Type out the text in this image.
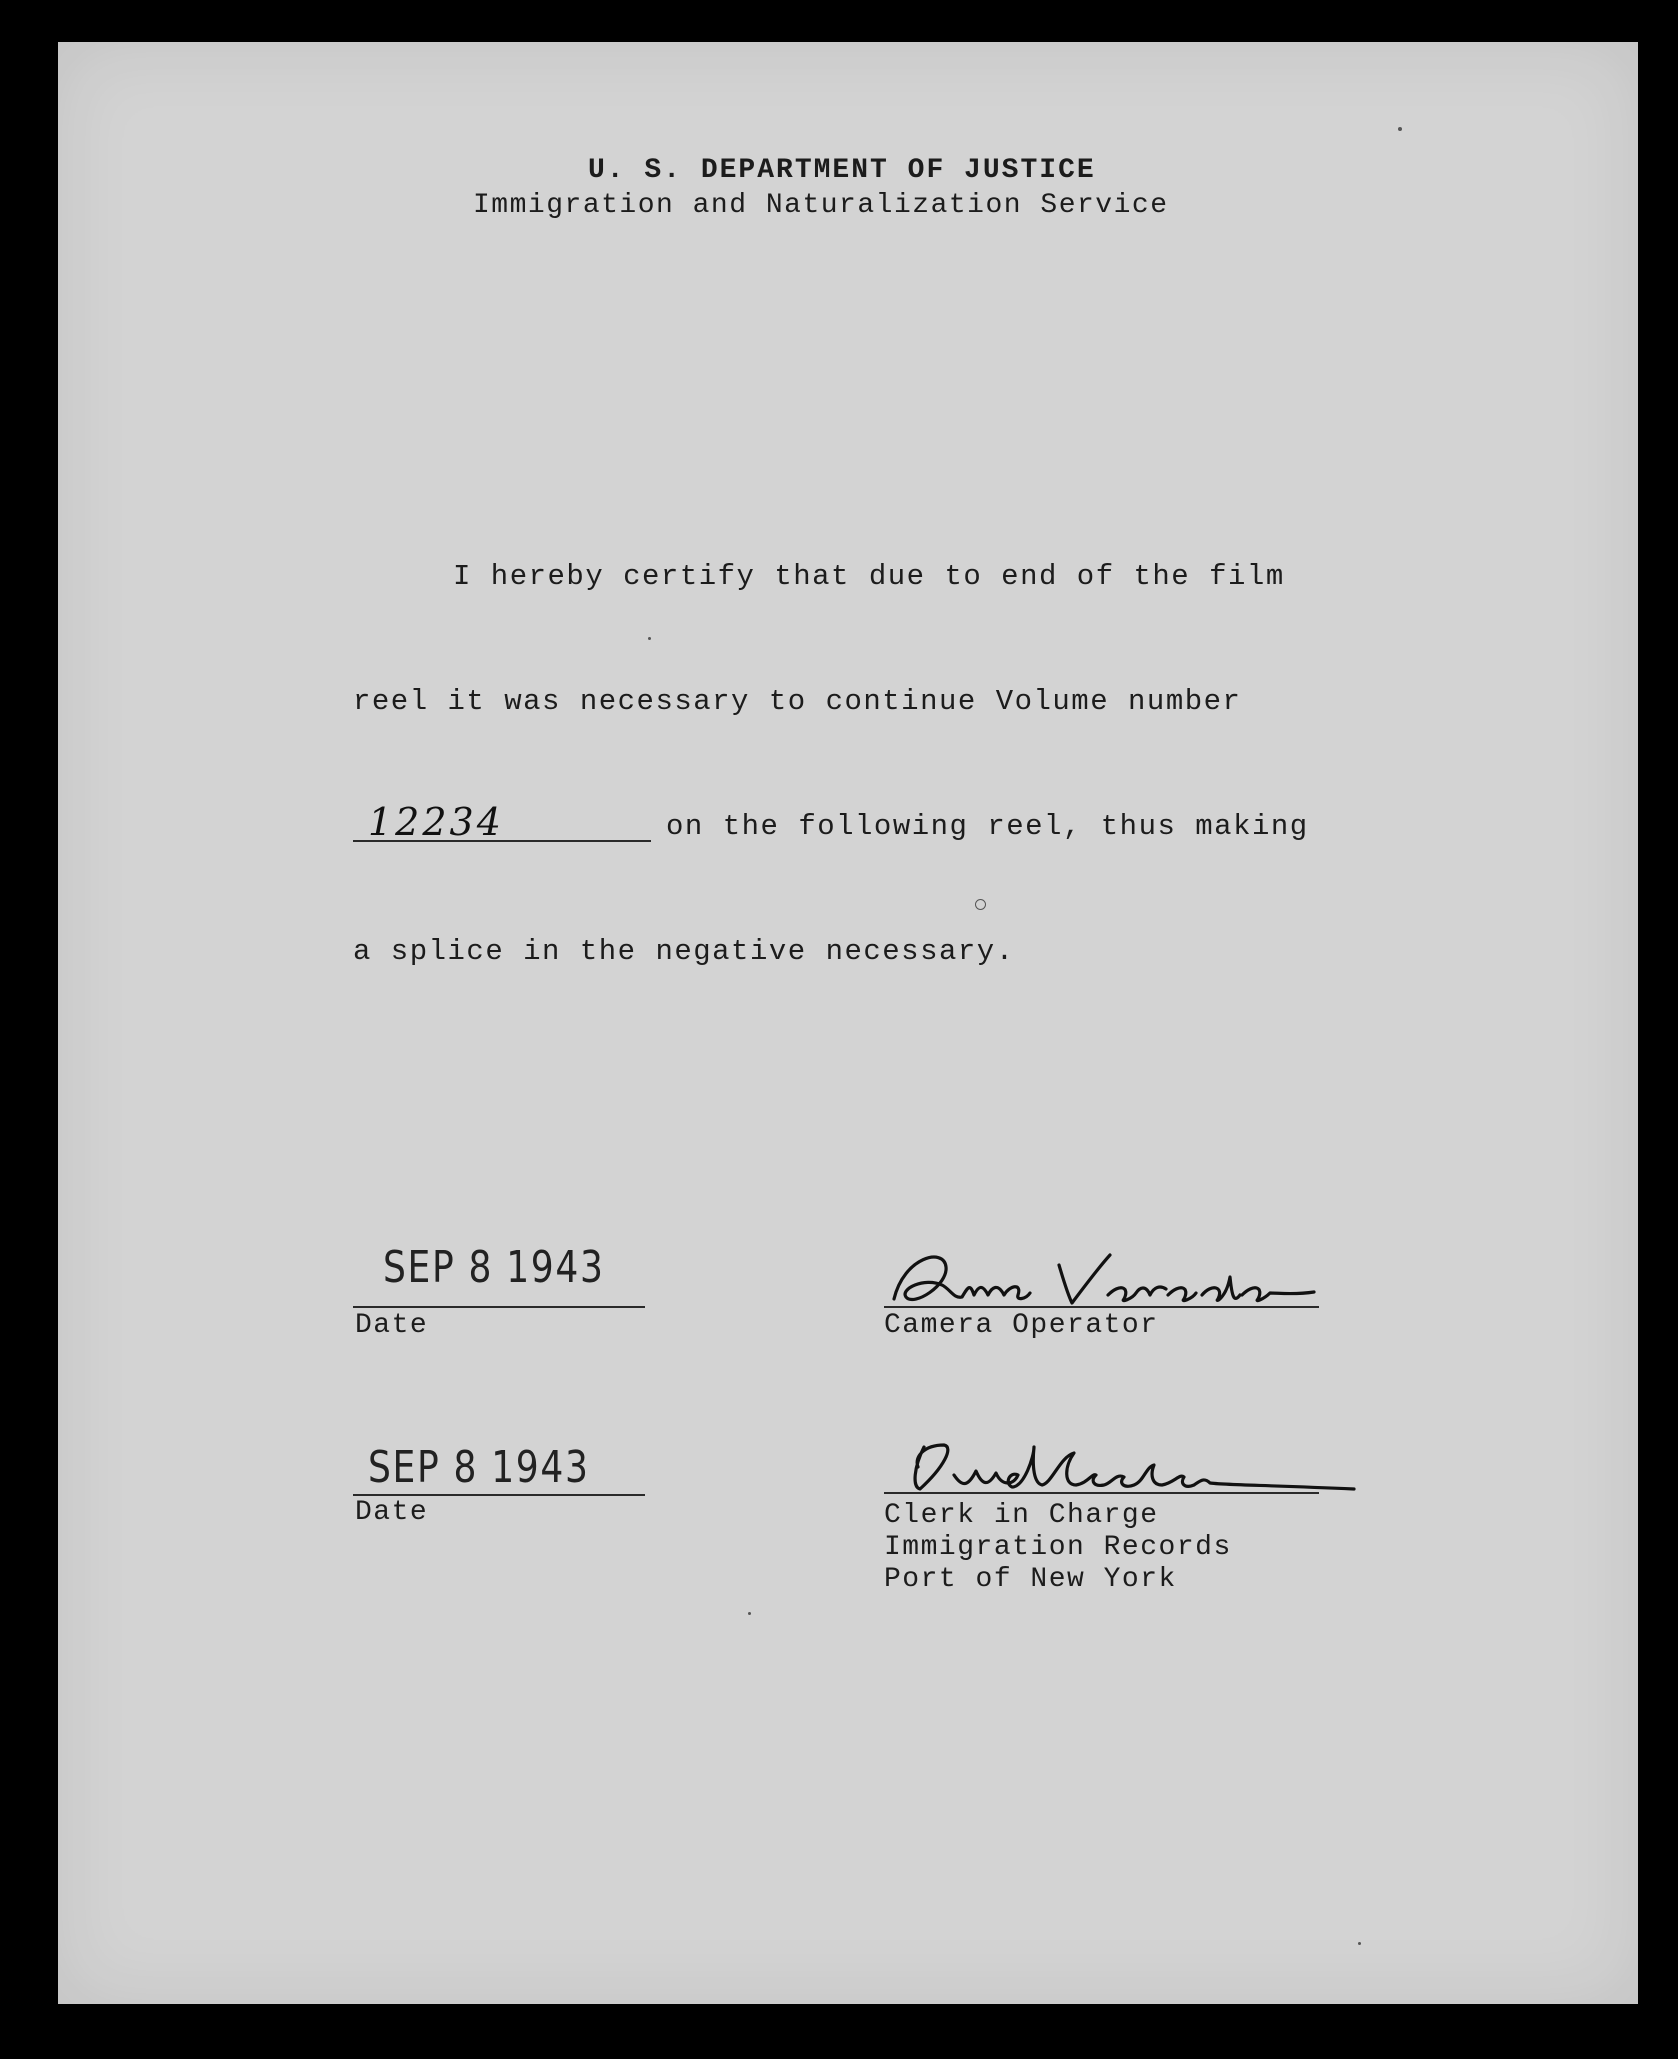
U. S. DEPARTMENT OF JUSTICE
Immigration and Naturalization Service
I hereby certify that due to end of the film
reel it was necessary to continue Volume number
12234	on the following reel, thus making
a splice in the negative necessary.
SEP 8 1943
Date	Camera Operator
SEP 8 1943
Date	Clerk in Charge
Immigration Records
Port of New York
